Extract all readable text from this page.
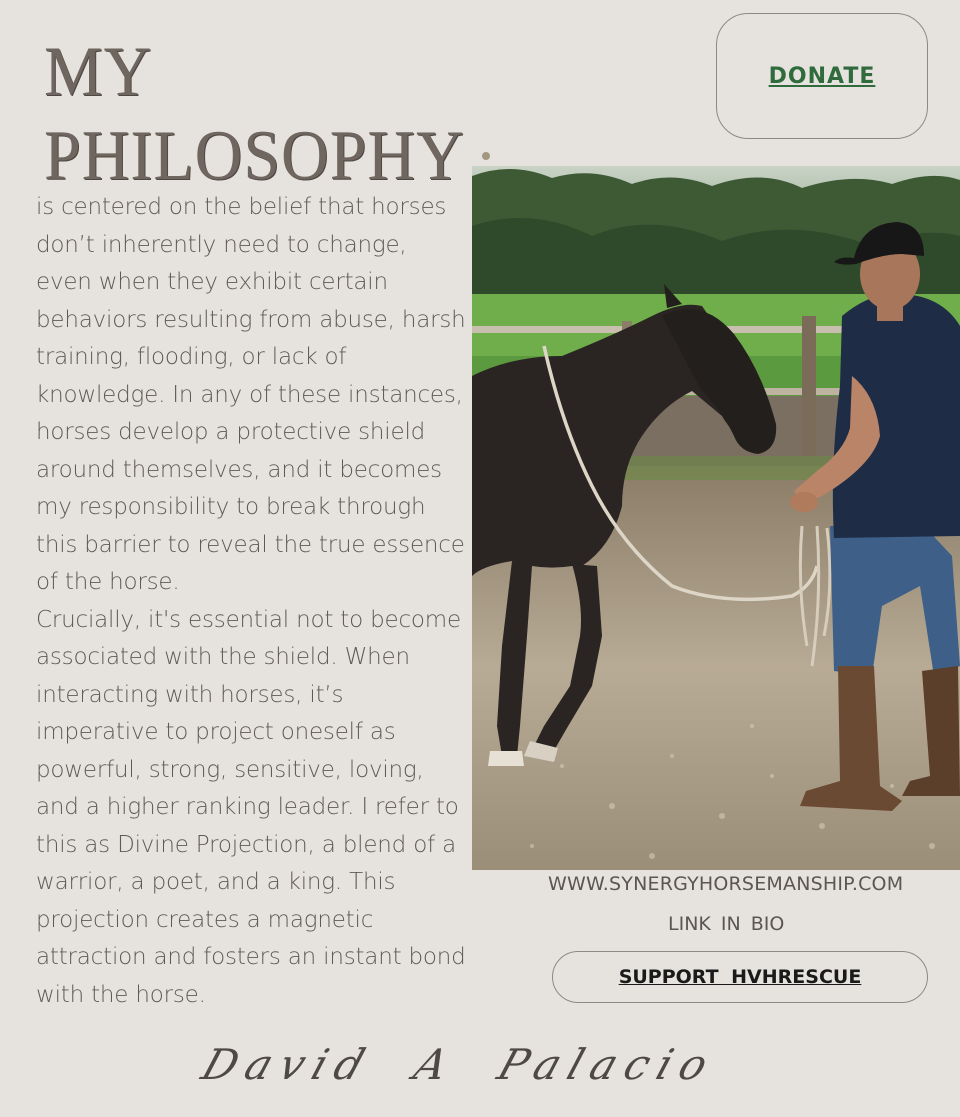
MY
PHILOSOPHY
DONATE

is centered on the belief that horses don’t inherently need to change, even when they exhibit certain behaviors resulting from abuse, harsh training, flooding, or lack of knowledge. In any of these instances, horses develop a protective shield around themselves, and it becomes my responsibility to break through this barrier to reveal the true essence of the horse.

Crucially, it's essential not to become associated with the shield. When interacting with horses, it’s imperative to project oneself as powerful, strong, sensitive, loving, and a higher ranking leader. I refer to this as Divine Projection, a blend of a warrior, a poet, and a king. This projection creates a magnetic attraction and fosters an instant bond with the horse.

WWW.SYNERGYHORSEMANSHIP.COM
LINK IN BIO
SUPPORT HVHRESCUE
David A Palacio
